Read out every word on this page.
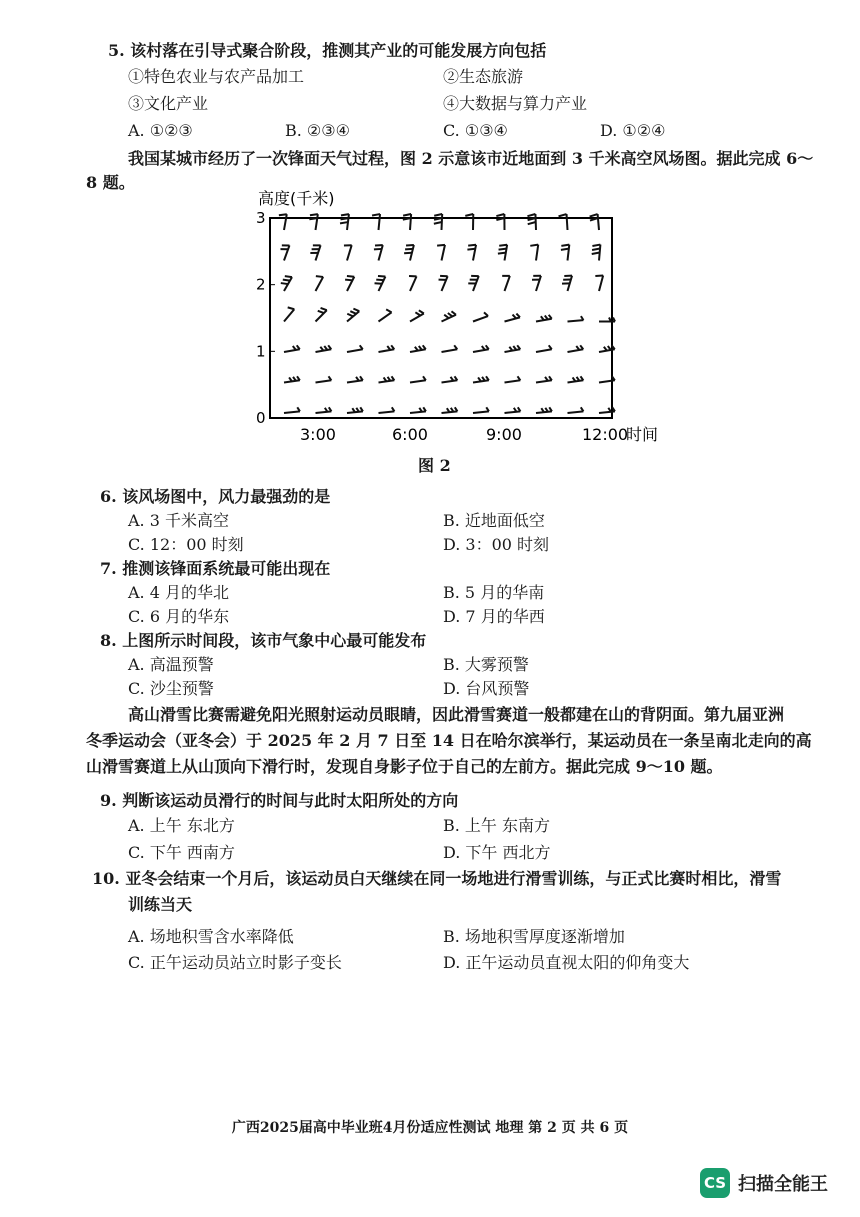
5. 该村落在引导式聚合阶段，推测其产业的可能发展方向包括
①特色农业与农产品加工	②生态旅游
③文化产业	④大数据与算力产业
A. ①②③	B. ②③④	C. ①③④	D. ①②④
我国某城市经历了一次锋面天气过程，图 2 示意该市近地面到 3 千米高空风场图。据此完成 6～
8 题。
高度(千米)
0
1
2
3
3:00	6:00	9:00	12:00
时间
图 2
6. 该风场图中，风力最强劲的是
A. 3 千米高空	B. 近地面低空
C. 12：00 时刻	D. 3：00 时刻
7. 推测该锋面系统最可能出现在
A. 4 月的华北	B. 5 月的华南
C. 6 月的华东	D. 7 月的华西
8. 上图所示时间段，该市气象中心最可能发布
A. 高温预警	B. 大雾预警
C. 沙尘预警	D. 台风预警
高山滑雪比赛需避免阳光照射运动员眼睛，因此滑雪赛道一般都建在山的背阴面。第九届亚洲
冬季运动会（亚冬会）于 2025 年 2 月 7 日至 14 日在哈尔滨举行，某运动员在一条呈南北走向的高
山滑雪赛道上从山顶向下滑行时，发现自身影子位于自己的左前方。据此完成 9～10 题。
9. 判断该运动员滑行的时间与此时太阳所处的方向
A. 上午 东北方	B. 上午 东南方
C. 下午 西南方	D. 下午 西北方
10. 亚冬会结束一个月后，该运动员白天继续在同一场地进行滑雪训练，与正式比赛时相比，滑雪
训练当天
A. 场地积雪含水率降低	B. 场地积雪厚度逐渐增加
C. 正午运动员站立时影子变长	D. 正午运动员直视太阳的仰角变大
广西2025届高中毕业班4月份适应性测试 地理 第 2 页 共 6 页
CS 扫描全能王
